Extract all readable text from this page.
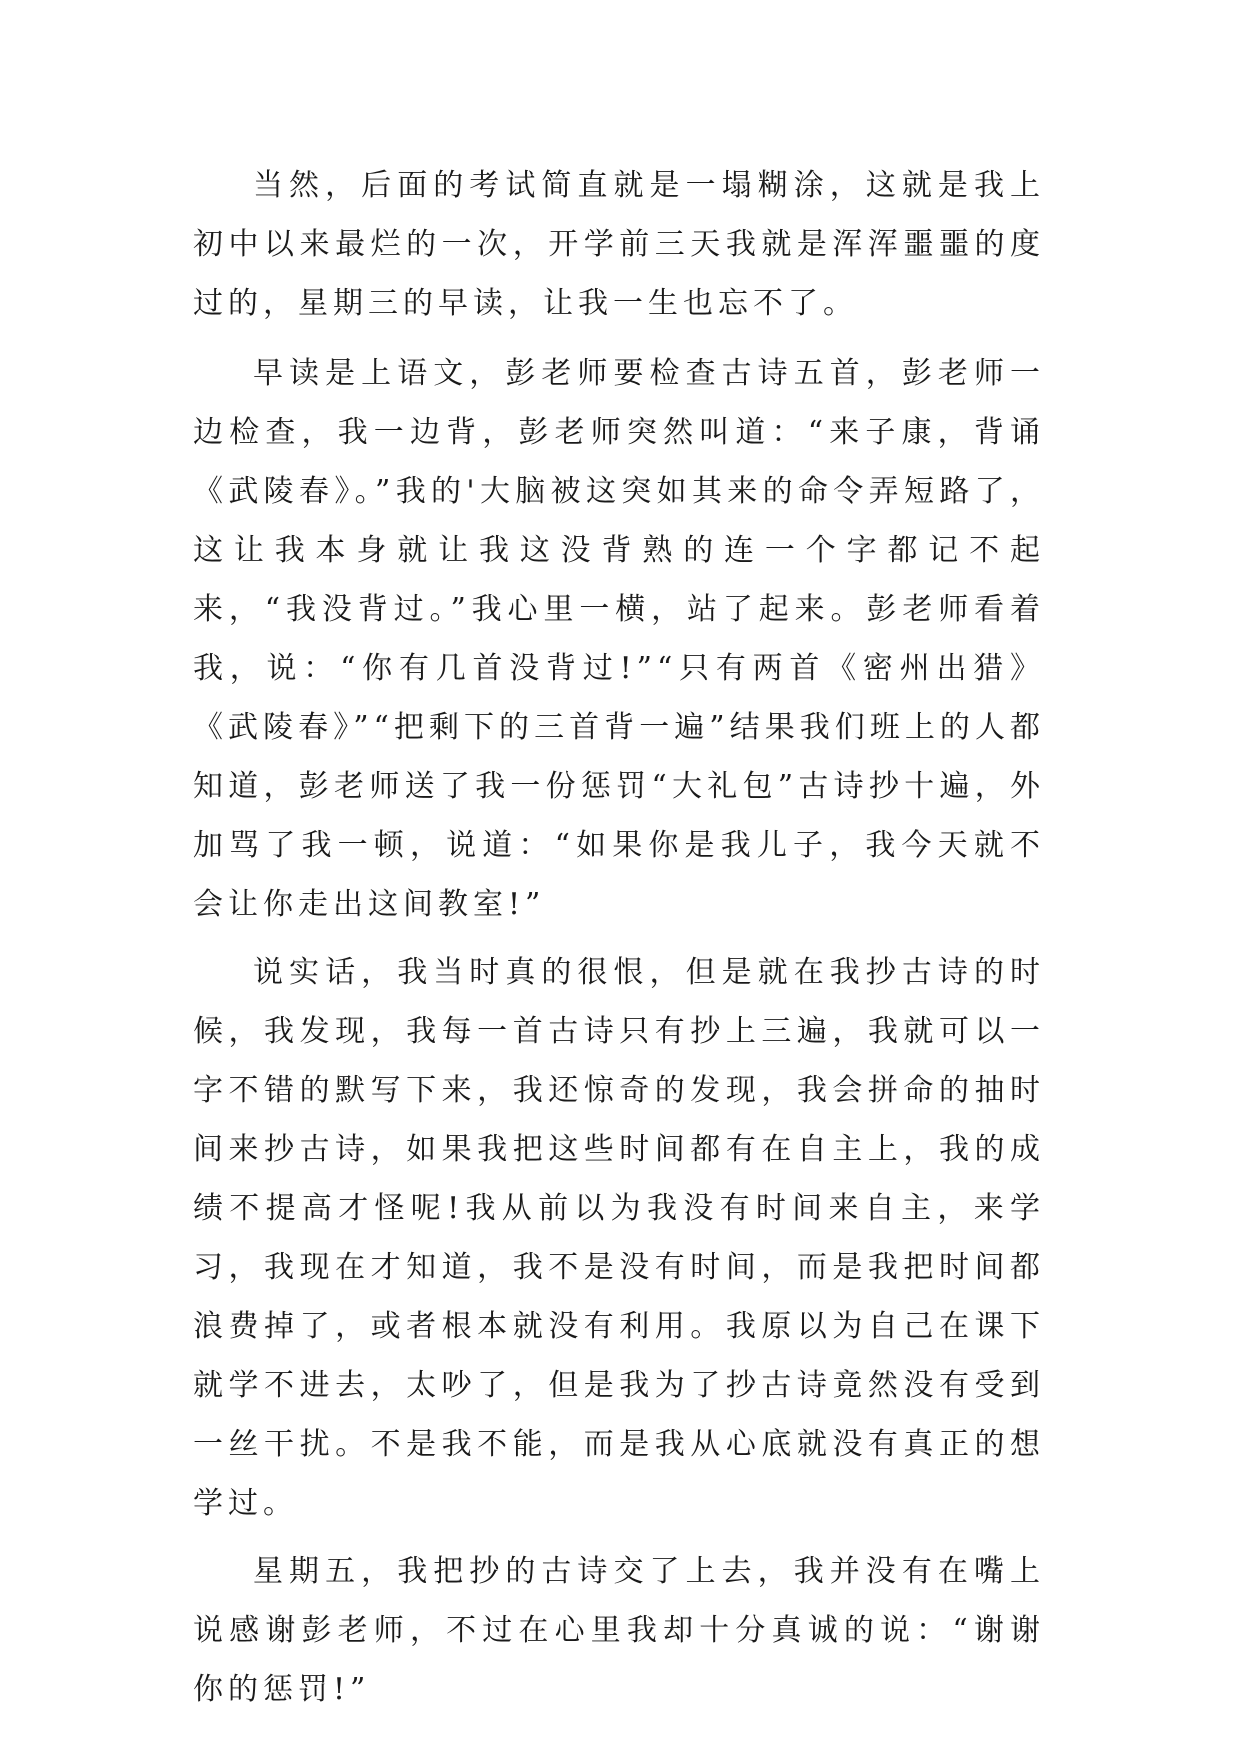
当然，后面的考试简直就是一塌糊涂，这就是我上初中以来最烂的一次，开学前三天我就是浑浑噩噩的度过的，星期三的早读，让我一生也忘不了。

早读是上语文，彭老师要检查古诗五首，彭老师一边检查，我一边背，彭老师突然叫道：“来子康，背诵《武陵春》。”我的'大脑被这突如其来的命令弄短路了，这让我本身就让我这没背熟的连一个字都记不起来，“我没背过。”我心里一横，站了起来。彭老师看着我，说：“你有几首没背过!”“只有两首《密州出猎》《武陵春》”“把剩下的三首背一遍”结果我们班上的人都知道，彭老师送了我一份惩罚“大礼包”古诗抄十遍，外加骂了我一顿，说道：“如果你是我儿子，我今天就不会让你走出这间教室!”

说实话，我当时真的很恨，但是就在我抄古诗的时候，我发现，我每一首古诗只有抄上三遍，我就可以一字不错的默写下来，我还惊奇的发现，我会拼命的抽时间来抄古诗，如果我把这些时间都有在自主上，我的成绩不提高才怪呢!我从前以为我没有时间来自主，来学习，我现在才知道，我不是没有时间，而是我把时间都浪费掉了，或者根本就没有利用。我原以为自己在课下就学不进去，太吵了，但是我为了抄古诗竟然没有受到一丝干扰。不是我不能，而是我从心底就没有真正的想学过。

星期五，我把抄的古诗交了上去，我并没有在嘴上说感谢彭老师，不过在心里我却十分真诚的说：“谢谢你的惩罚!”
